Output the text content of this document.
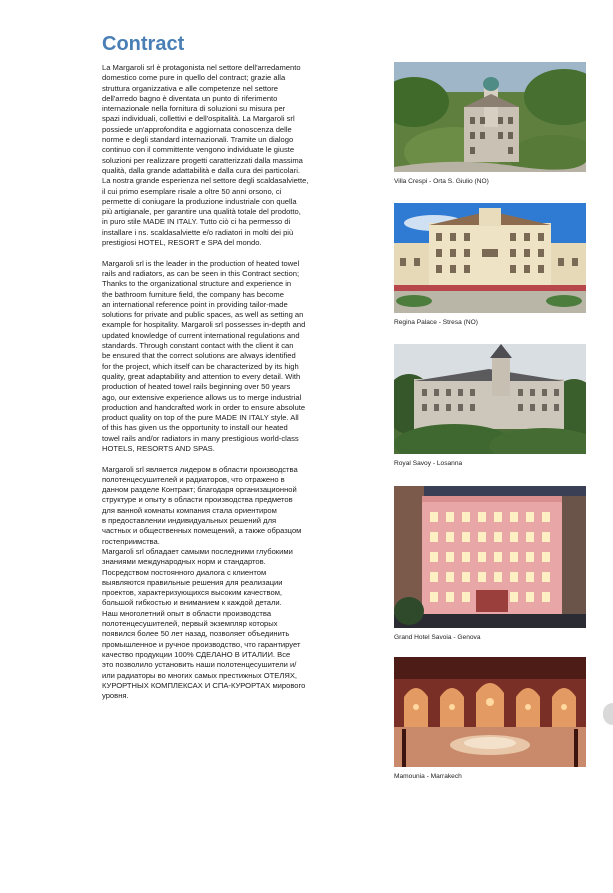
Contract

La Margaroli srl è protagonista nel settore dell'arredamento
domestico come pure in quello del contract; grazie alla
struttura organizzativa e alle competenze nel settore
dell'arredo bagno è diventata un punto di riferimento
internazionale nella fornitura di soluzioni su misura per
spazi individuali, collettivi e dell'ospitalità. La Margaroli srl
possiede un'approfondita e aggiornata conoscenza delle
norme e degli standard internazionali. Tramite un dialogo
continuo con il committente vengono individuate le giuste
soluzioni per realizzare progetti caratterizzati dalla massima
qualità, dalla grande adattabilità e dalla cura dei particolari.
La nostra grande esperienza nel settore degli scaldasalviette,
il cui primo esemplare risale a oltre 50 anni orsono, ci
permette di coniugare la produzione industriale con quella
più artigianale, per garantire una qualità totale del prodotto,
in puro stile MADE IN ITALY. Tutto ciò ci ha permesso di
installare i ns. scaldasalviette e/o radiatori in molti dei più
prestigiosi HOTEL, RESORT e SPA del mondo.

Margaroli srl is the leader in the production of heated towel
rails and radiators, as can be seen in this Contract section;
Thanks to the organizational structure and experience in
the bathroom furniture field, the company has become
an international reference point in providing tailor-made
solutions for private and public spaces, as well as setting an
example for hospitality. Margaroli srl possesses in-depth and
updated knowledge of current international regulations and
standards. Through constant contact with the client it can
be ensured that the correct solutions are always identified
for the project, which itself can be characterized by its high
quality, great adaptability and attention to every detail. With
production of heated towel rails beginning over 50 years
ago, our extensive experience allows us to merge industrial
production and handcrafted work in order to ensure absolute
product quality on top of the pure MADE IN ITALY style. All
of this has given us the opportunity to install our heated
towel rails and/or radiators in many prestigious world-class
HOTELS, RESORTS AND SPAS.

Margaroli srl является лидером в области производства
полотенцесушителей и радиаторов, что отражено в
данном разделе Контракт; благодаря организационной
структуре и опыту в области производства предметов
для ванной комнаты компания стала ориентиром
в предоставлении индивидуальных решений для
частных и общественных помещений, а также образцом
гостеприимства.
Margaroli srl обладает самыми последними глубокими
знаниями международных норм и стандартов.
Посредством постоянного диалога с клиентом
выявляются правильные решения для реализации
проектов, характеризующихся высоким качеством,
большой гибкостью и вниманием к каждой детали.
Наш многолетний опыт в области производства
полотенцесушителей, первый экземпляр которых
появился более 50 лет назад, позволяет объединить
промышленное и ручное производство, что гарантирует
качество продукции 100% СДЕЛАНО В ИТАЛИИ. Все
это позволило установить наши полотенцесушители и/
или радиаторы во многих самых престижных ОТЕЛЯХ,
КУРОРТНЫХ КОМПЛЕКСАХ И СПА-КУРОРТАХ мирового
уровня.

Villa Crespi - Orta S. Giulio (NO)
Regina Palace - Stresa (NO)
Royal Savoy - Losanna
Grand Hotel Savoia - Genova
Mamounia - Marrakech
